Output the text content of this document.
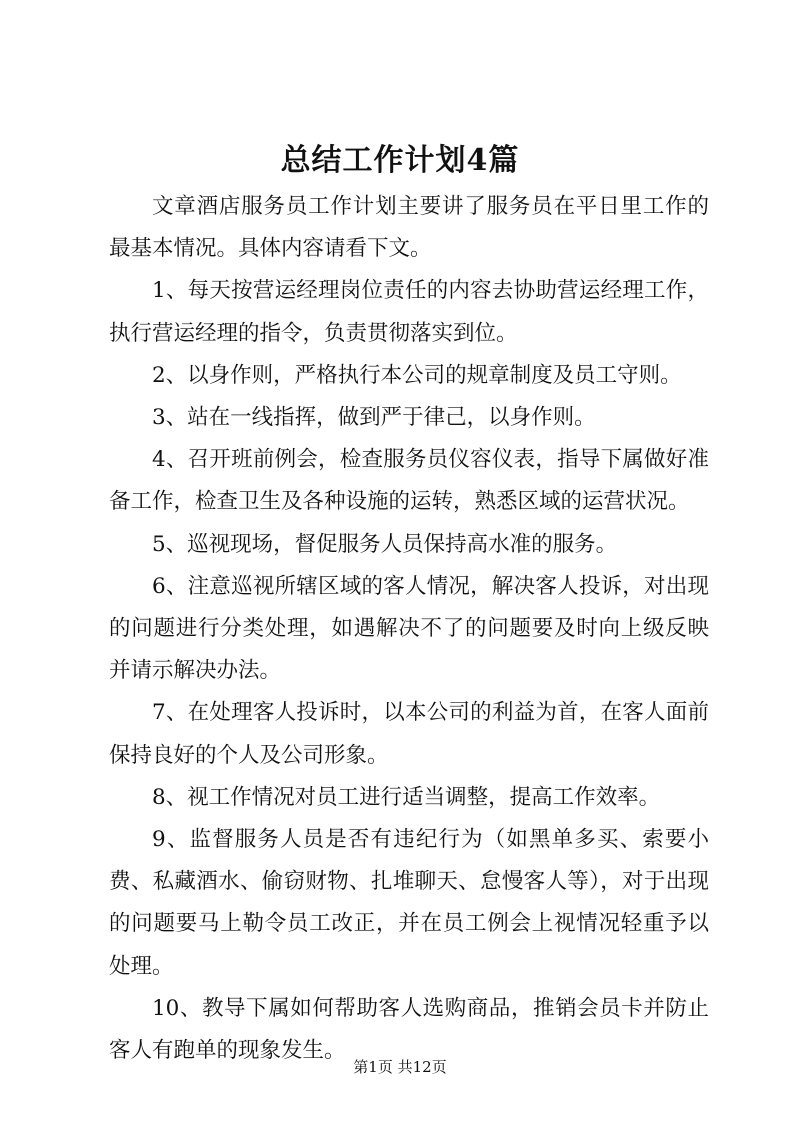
总结工作计划4篇

文章酒店服务员工作计划主要讲了服务员在平日里工作的最基本情况。具体内容请看下文。

1、每天按营运经理岗位责任的内容去协助营运经理工作，执行营运经理的指令，负责贯彻落实到位。

2、以身作则，严格执行本公司的规章制度及员工守则。

3、站在一线指挥，做到严于律己，以身作则。

4、召开班前例会，检查服务员仪容仪表，指导下属做好准备工作，检查卫生及各种设施的运转，熟悉区域的运营状况。

5、巡视现场，督促服务人员保持高水准的服务。

6、注意巡视所辖区域的客人情况，解决客人投诉，对出现的问题进行分类处理，如遇解决不了的问题要及时向上级反映并请示解决办法。

7、在处理客人投诉时，以本公司的利益为首，在客人面前保持良好的个人及公司形象。

8、视工作情况对员工进行适当调整，提高工作效率。

9、监督服务人员是否有违纪行为（如黑单多买、索要小费、私藏酒水、偷窃财物、扎堆聊天、怠慢客人等），对于出现的问题要马上勒令员工改正，并在员工例会上视情况轻重予以处理。

10、教导下属如何帮助客人选购商品，推销会员卡并防止客人有跑单的现象发生。

第1页 共12页
